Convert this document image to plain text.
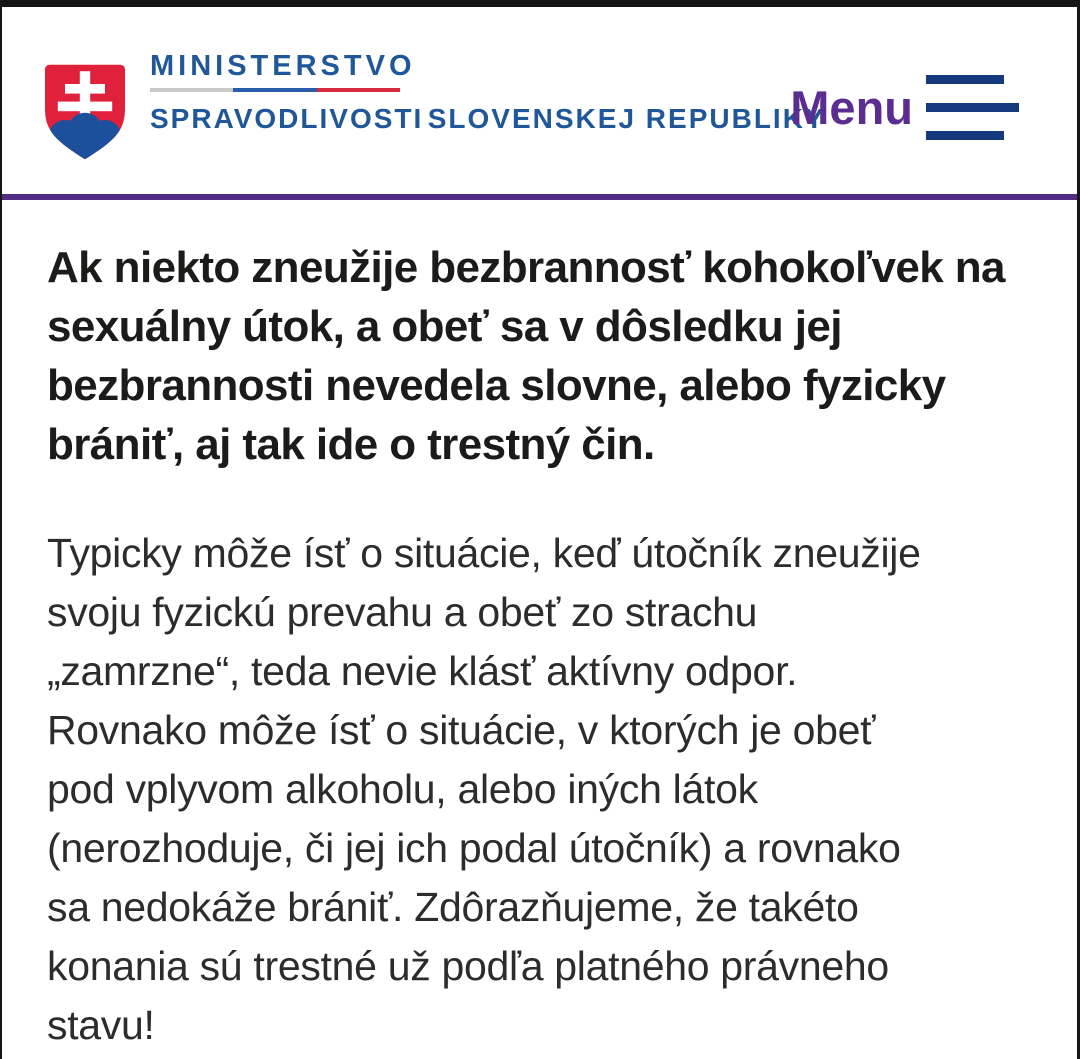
MINISTERSTVO
SPRAVODLIVOSTI SLOVENSKEJ REPUBLIKY
Menu
Ak niekto zneužije bezbrannosť kohokoľvek na
sexuálny útok, a obeť sa v dôsledku jej
bezbrannosti nevedela slovne, alebo fyzicky
brániť, aj tak ide o trestný čin.

Typicky môže ísť o situácie, keď útočník zneužije
svoju fyzickú prevahu a obeť zo strachu
„zamrzne“, teda nevie klásť aktívny odpor.
Rovnako môže ísť o situácie, v ktorých je obeť
pod vplyvom alkoholu, alebo iných látok
(nerozhoduje, či jej ich podal útočník) a rovnako
sa nedokáže brániť. Zdôrazňujeme, že takéto
konania sú trestné už podľa platného právneho
stavu!
